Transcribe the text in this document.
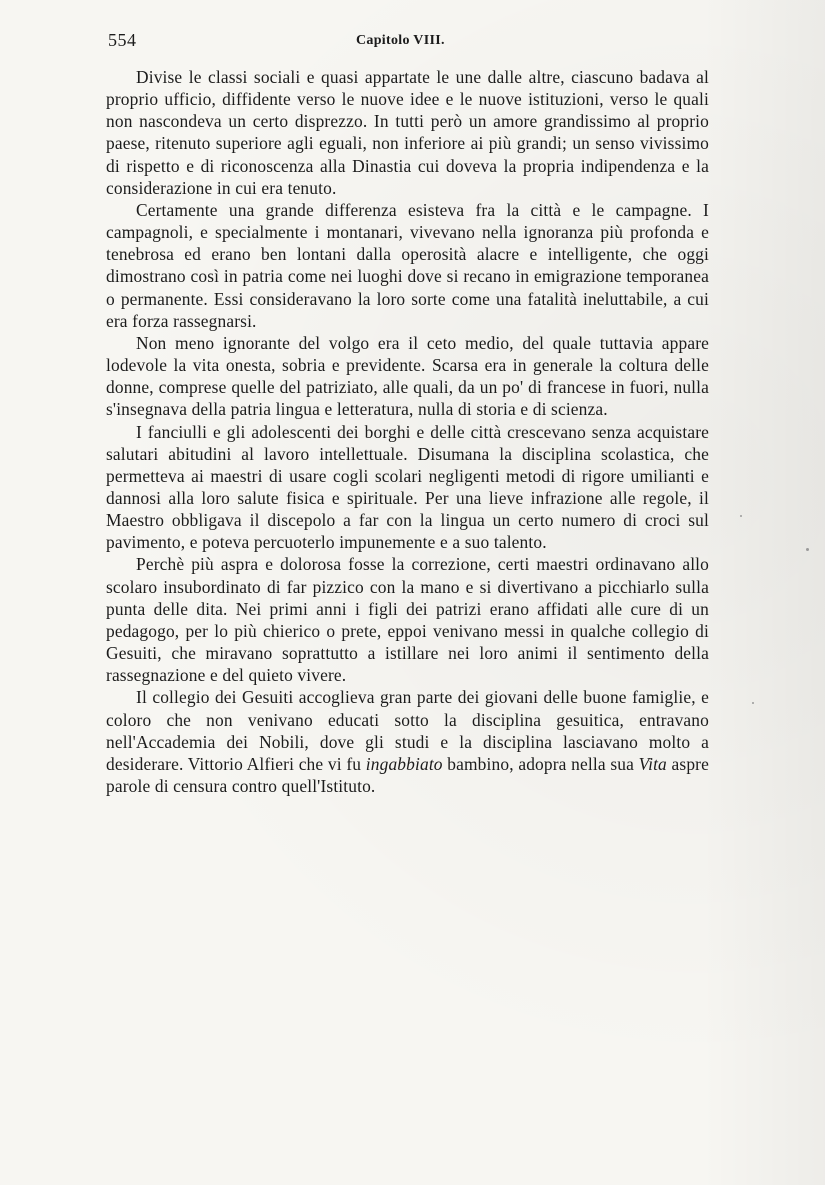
554	Capitolo VIII.

Divise le classi sociali e quasi appartate le une dalle altre, ciascuno badava al proprio ufficio, diffidente verso le nuove idee e le nuove istituzioni, verso le quali non nascondeva un certo disprezzo. In tutti però un amore grandissimo al proprio paese, ritenuto superiore agli eguali, non inferiore ai più grandi; un senso vivissimo di rispetto e di riconoscenza alla Dinastia cui doveva la propria indipendenza e la considerazione in cui era tenuto.

Certamente una grande differenza esisteva fra la città e le campagne. I campagnoli, e specialmente i montanari, vivevano nella ignoranza più profonda e tenebrosa ed erano ben lontani dalla operosità alacre e intelligente, che oggi dimostrano così in patria come nei luoghi dove si recano in emigrazione temporanea o permanente. Essi consideravano la loro sorte come una fatalità ineluttabile, a cui era forza rassegnarsi.

Non meno ignorante del volgo era il ceto medio, del quale tuttavia appare lodevole la vita onesta, sobria e previdente. Scarsa era in generale la coltura delle donne, comprese quelle del patriziato, alle quali, da un po' di francese in fuori, nulla s'insegnava della patria lingua e letteratura, nulla di storia e di scienza.

I fanciulli e gli adolescenti dei borghi e delle città crescevano senza acquistare salutari abitudini al lavoro intellettuale. Disumana la disciplina scolastica, che permetteva ai maestri di usare cogli scolari negligenti metodi di rigore umilianti e dannosi alla loro salute fisica e spirituale. Per una lieve infrazione alle regole, il Maestro obbligava il discepolo a far con la lingua un certo numero di croci sul pavimento, e poteva percuoterlo impunemente e a suo talento.

Perchè più aspra e dolorosa fosse la correzione, certi maestri ordinavano allo scolaro insubordinato di far pizzico con la mano e si divertivano a picchiarlo sulla punta delle dita. Nei primi anni i figli dei patrizi erano affidati alle cure di un pedagogo, per lo più chierico o prete, eppoi venivano messi in qualche collegio di Gesuiti, che miravano soprattutto a istillare nei loro animi il sentimento della rassegnazione e del quieto vivere.

Il collegio dei Gesuiti accoglieva gran parte dei giovani delle buone famiglie, e coloro che non venivano educati sotto la disciplina gesuitica, entravano nell'Accademia dei Nobili, dove gli studi e la disciplina lasciavano molto a desiderare. Vittorio Alfieri che vi fu ingabbiato bambino, adopra nella sua Vita aspre parole di censura contro quell'Istituto.
